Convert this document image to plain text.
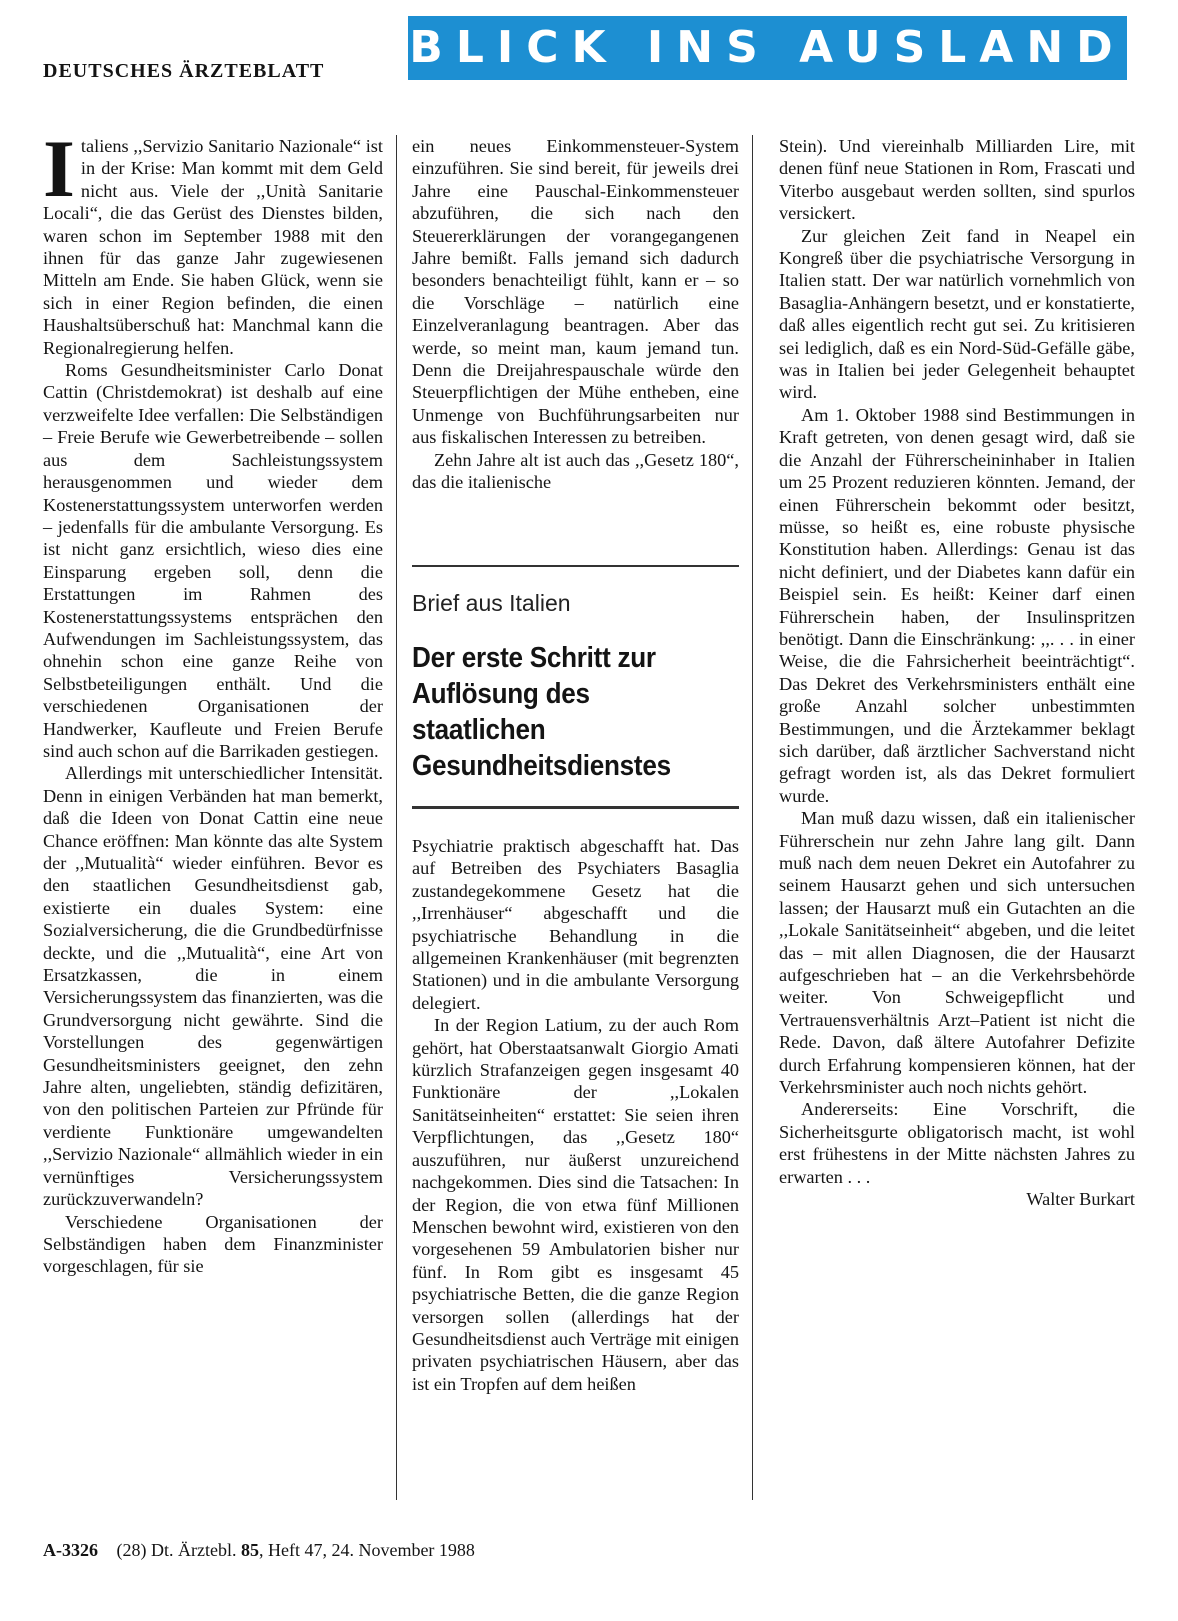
DEUTSCHES ÄRZTEBLATT BLICK INS AUSLAND
I taliens ,,Servizio Sanitario Nazionale“ ist in der Krise: Man kommt mit dem Geld nicht aus. Viele der ,,Unità Sanitarie Locali“, die das Gerüst des Dienstes bilden, waren schon im September 1988 mit den ihnen für das ganze Jahr zugewiesenen Mitteln am Ende. Sie haben Glück, wenn sie sich in einer Region befinden, die einen Haushaltsüberschuß hat: Manchmal kann die Regionalregierung helfen.

Roms Gesundheitsminister Carlo Donat Cattin (Christdemokrat) ist deshalb auf eine verzweifelte Idee verfallen: Die Selbständigen – Freie Berufe wie Gewerbetreibende – sollen aus dem Sachleistungssystem herausgenommen und wieder dem Kostenerstattungssystem unterworfen werden – jedenfalls für die ambulante Versorgung. Es ist nicht ganz ersichtlich, wieso dies eine Einsparung ergeben soll, denn die Erstattungen im Rahmen des Kostenerstattungssystems entsprächen den Aufwendungen im Sachleistungssystem, das ohnehin schon eine ganze Reihe von Selbstbeteiligungen enthält. Und die verschiedenen Organisationen der Handwerker, Kaufleute und Freien Berufe sind auch schon auf die Barrikaden gestiegen.

Allerdings mit unterschiedlicher Intensität. Denn in einigen Verbänden hat man bemerkt, daß die Ideen von Donat Cattin eine neue Chance eröffnen: Man könnte das alte System der ,,Mutualità“ wieder einführen. Bevor es den staatlichen Gesundheitsdienst gab, existierte ein duales System: eine Sozialversicherung, die die Grundbedürfnisse deckte, und die ,,Mutualità“, eine Art von Ersatzkassen, die in einem Versicherungssystem das finanzierten, was die Grundversorgung nicht gewährte. Sind die Vorstellungen des gegenwärtigen Gesundheitsministers geeignet, den zehn Jahre alten, ungeliebten, ständig defizitären, von den politischen Parteien zur Pfründe für verdiente Funktionäre umgewandelten ,,Servizio Nazionale“ allmählich wieder in ein vernünftiges Versicherungssystem zurückzuverwandeln?

Verschiedene Organisationen der Selbständigen haben dem Finanzminister vorgeschlagen, für sie

ein neues Einkommensteuer-System einzuführen. Sie sind bereit, für jeweils drei Jahre eine Pauschal-Einkommensteuer abzuführen, die sich nach den Steuererklärungen der vorangegangenen Jahre bemißt. Falls jemand sich dadurch besonders benachteiligt fühlt, kann er – so die Vorschläge – natürlich eine Einzelveranlagung beantragen. Aber das werde, so meint man, kaum jemand tun. Denn die Dreijahrespauschale würde den Steuerpflichtigen der Mühe entheben, eine Unmenge von Buchführungsarbeiten nur aus fiskalischen Interessen zu betreiben.

Zehn Jahre alt ist auch das ,,Gesetz 180“, das die italienische

Brief aus Italien
Der erste Schritt zur Auflösung des staatlichen Gesundheitsdienstes

Psychiatrie praktisch abgeschafft hat. Das auf Betreiben des Psychiaters Basaglia zustandegekommene Gesetz hat die ,,Irrenhäuser“ abgeschafft und die psychiatrische Behandlung in die allgemeinen Krankenhäuser (mit begrenzten Stationen) und in die ambulante Versorgung delegiert.

In der Region Latium, zu der auch Rom gehört, hat Oberstaatsanwalt Giorgio Amati kürzlich Strafanzeigen gegen insgesamt 40 Funktionäre der ,,Lokalen Sanitätseinheiten“ erstattet: Sie seien ihren Verpflichtungen, das ,,Gesetz 180“ auszuführen, nur äußerst unzureichend nachgekommen. Dies sind die Tatsachen: In der Region, die von etwa fünf Millionen Menschen bewohnt wird, existieren von den vorgesehenen 59 Ambulatorien bisher nur fünf. In Rom gibt es insgesamt 45 psychiatrische Betten, die die ganze Region versorgen sollen (allerdings hat der Gesundheitsdienst auch Verträge mit einigen privaten psychiatrischen Häusern, aber das ist ein Tropfen auf dem heißen

Stein). Und viereinhalb Milliarden Lire, mit denen fünf neue Stationen in Rom, Frascati und Viterbo ausgebaut werden sollten, sind spurlos versickert.

Zur gleichen Zeit fand in Neapel ein Kongreß über die psychiatrische Versorgung in Italien statt. Der war natürlich vornehmlich von Basaglia-Anhängern besetzt, und er konstatierte, daß alles eigentlich recht gut sei. Zu kritisieren sei lediglich, daß es ein Nord-Süd-Gefälle gäbe, was in Italien bei jeder Gelegenheit behauptet wird.

Am 1. Oktober 1988 sind Bestimmungen in Kraft getreten, von denen gesagt wird, daß sie die Anzahl der Führerscheininhaber in Italien um 25 Prozent reduzieren könnten. Jemand, der einen Führerschein bekommt oder besitzt, müsse, so heißt es, eine robuste physische Konstitution haben. Allerdings: Genau ist das nicht definiert, und der Diabetes kann dafür ein Beispiel sein. Es heißt: Keiner darf einen Führerschein haben, der Insulinspritzen benötigt. Dann die Einschränkung: ,,. . . in einer Weise, die die Fahrsicherheit beeinträchtigt“. Das Dekret des Verkehrsministers enthält eine große Anzahl solcher unbestimmten Bestimmungen, und die Ärztekammer beklagt sich darüber, daß ärztlicher Sachverstand nicht gefragt worden ist, als das Dekret formuliert wurde.

Man muß dazu wissen, daß ein italienischer Führerschein nur zehn Jahre lang gilt. Dann muß nach dem neuen Dekret ein Autofahrer zu seinem Hausarzt gehen und sich untersuchen lassen; der Hausarzt muß ein Gutachten an die ,,Lokale Sanitätseinheit“ abgeben, und die leitet das – mit allen Diagnosen, die der Hausarzt aufgeschrieben hat – an die Verkehrsbehörde weiter. Von Schweigepflicht und Vertrauensverhältnis Arzt–Patient ist nicht die Rede. Davon, daß ältere Autofahrer Defizite durch Erfahrung kompensieren können, hat der Verkehrsminister auch noch nichts gehört.

Andererseits: Eine Vorschrift, die Sicherheitsgurte obligatorisch macht, ist wohl erst frühestens in der Mitte nächsten Jahres zu erwarten . . .

Walter Burkart

A-3326 (28) Dt. Ärztebl. 85, Heft 47, 24. November 1988
